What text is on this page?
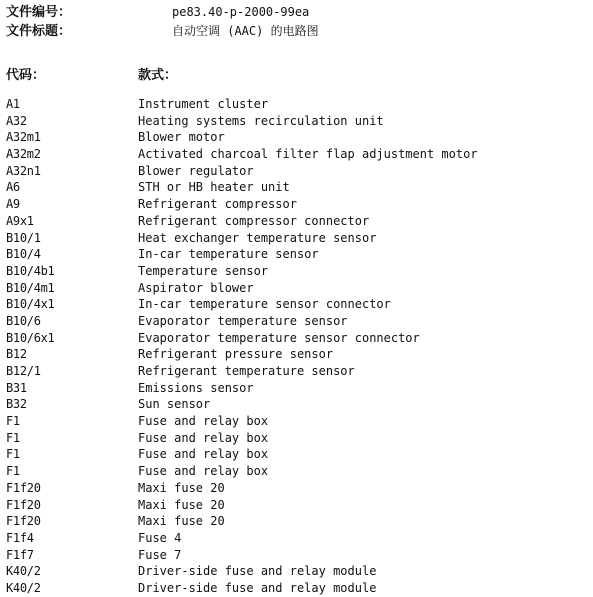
文件编号：	pe83.40-p-2000-99ea
文件标题：	自动空调 (AAC) 的电路图
代码：	款式：
A1	Instrument cluster
A32	Heating systems recirculation unit
A32m1	Blower motor
A32m2	Activated charcoal filter flap adjustment motor
A32n1	Blower regulator
A6	STH or HB heater unit
A9	Refrigerant compressor
A9x1	Refrigerant compressor connector
B10/1	Heat exchanger temperature sensor
B10/4	In-car temperature sensor
B10/4b1	Temperature sensor
B10/4m1	Aspirator blower
B10/4x1	In-car temperature sensor connector
B10/6	Evaporator temperature sensor
B10/6x1	Evaporator temperature sensor connector
B12	Refrigerant pressure sensor
B12/1	Refrigerant temperature sensor
B31	Emissions sensor
B32	Sun sensor
F1	Fuse and relay box
F1	Fuse and relay box
F1	Fuse and relay box
F1	Fuse and relay box
F1f20	Maxi fuse 20
F1f20	Maxi fuse 20
F1f20	Maxi fuse 20
F1f4	Fuse 4
F1f7	Fuse 7
K40/2	Driver-side fuse and relay module
K40/2	Driver-side fuse and relay module
